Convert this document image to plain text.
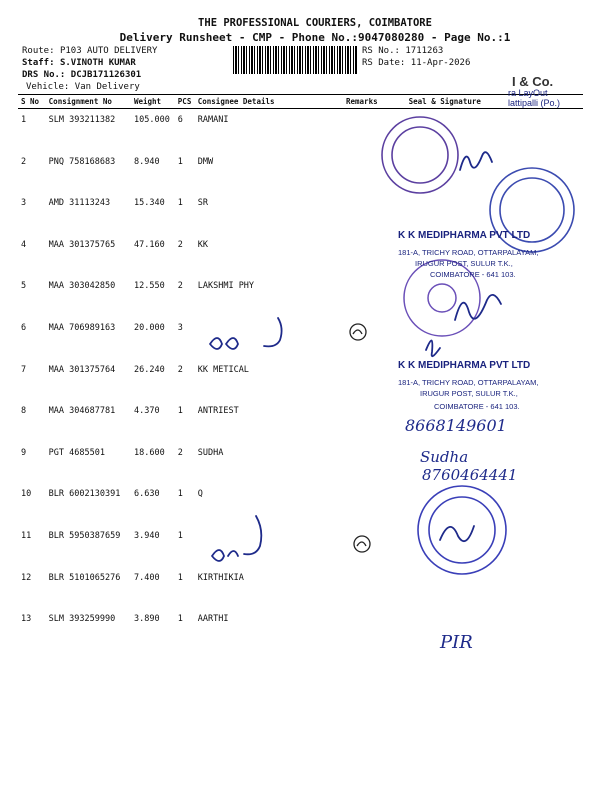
THE PROFESSIONAL COURIERS, COIMBATORE
Delivery Runsheet - CMP - Phone No.:9047080280 - Page No.:1
Route: P103 AUTO DELIVERY
Staff: S.VINOTH KUMAR
DRS No.: DCJB171126301
Vehicle: Van Delivery
RS No.: 1711263
RS Date: 11-Apr-2026
S No	Consignment No	Weight	PCS	Consignee Details	Remarks	Seal & Signature
1	SLM 393211382	105.000	6	RAMANI		
2	PNQ 758168683	8.940	1	DMW		
3	AMD 31113243	15.340	1	SR		
4	MAA 301375765	47.160	2	KK		
5	MAA 303042850	12.550	2	LAKSHMI PHY		
6	MAA 706989163	20.000	3			
7	MAA 301375764	26.240	2	KK METICAL		
8	MAA 304687781	4.370	1	ANTRIEST		
9	PGT 4685501	18.600	2	SUDHA		
10	BLR 6002130391	6.630	1	Q		
11	BLR 5950387659	3.940	1			
12	BLR 5101065276	7.400	1	KIRTHIKIA		
13	SLM 393259990	3.890	1	AARTHI		
K K MEDIPHARMA PVT LTD
181-A, TRICHY ROAD, OTTARPALAYAM,
IRUGUR POST, SULUR T.K.,
COIMBATORE - 641 103.
K K MEDIPHARMA PVT LTD
181-A, TRICHY ROAD, OTTARPALAYAM,
IRUGUR POST, SULUR T.K.,
COIMBATORE - 641 103.
I & Co.
ra LayOut
lattipalli (Po.)
8668149601
Sudha
8760464441
PIR
